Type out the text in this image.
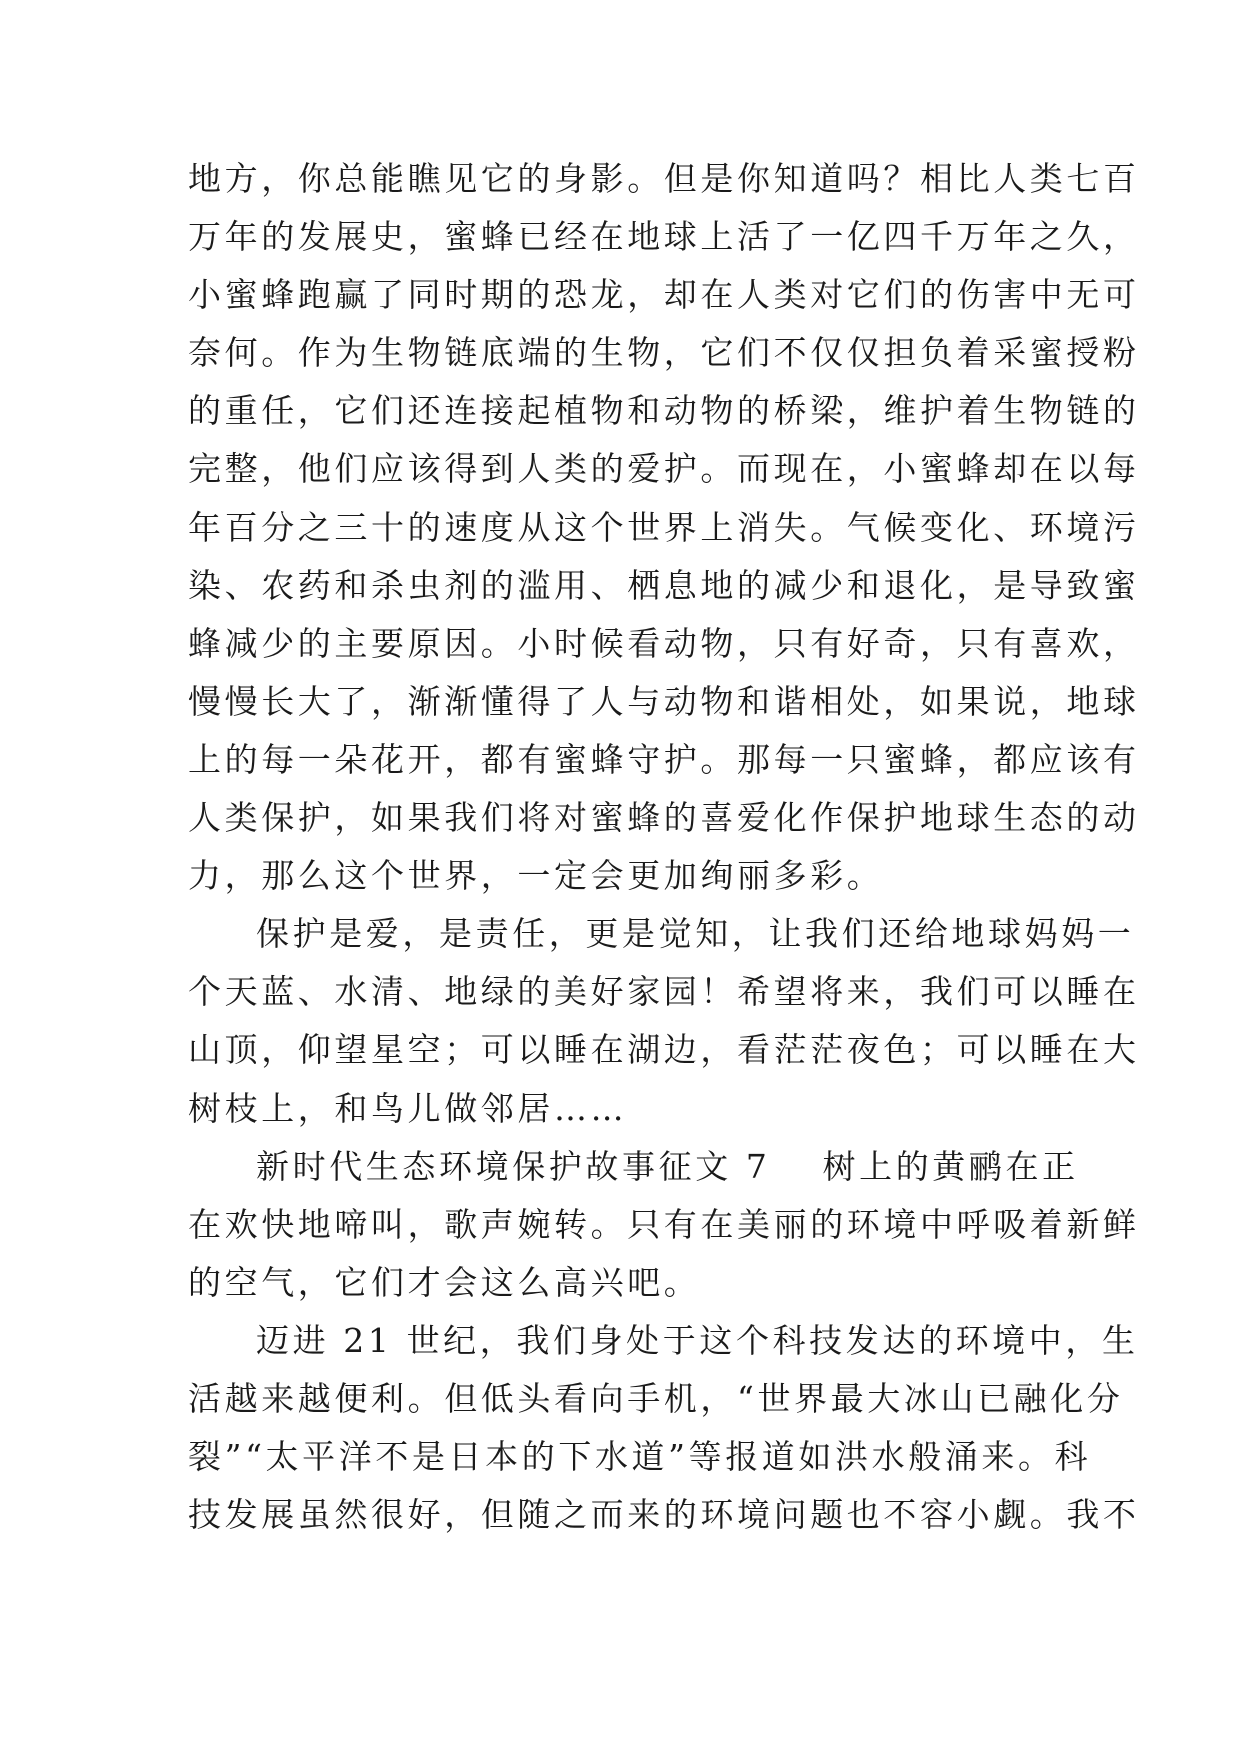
地方，你总能瞧见它的身影。但是你知道吗？相比人类七百
万年的发展史，蜜蜂已经在地球上活了一亿四千万年之久，
小蜜蜂跑赢了同时期的恐龙，却在人类对它们的伤害中无可
奈何。作为生物链底端的生物，它们不仅仅担负着采蜜授粉
的重任，它们还连接起植物和动物的桥梁，维护着生物链的
完整，他们应该得到人类的爱护。而现在，小蜜蜂却在以每
年百分之三十的速度从这个世界上消失。气候变化、环境污
染、农药和杀虫剂的滥用、栖息地的减少和退化，是导致蜜
蜂减少的主要原因。小时候看动物，只有好奇，只有喜欢，
慢慢长大了，渐渐懂得了人与动物和谐相处，如果说，地球
上的每一朵花开，都有蜜蜂守护。那每一只蜜蜂，都应该有
人类保护，如果我们将对蜜蜂的喜爱化作保护地球生态的动
力，那么这个世界，一定会更加绚丽多彩。
保护是爱，是责任，更是觉知，让我们还给地球妈妈一
个天蓝、水清、地绿的美好家园！希望将来，我们可以睡在
山顶，仰望星空；可以睡在湖边，看茫茫夜色；可以睡在大
树枝上，和鸟儿做邻居……
新时代生态环境保护故事征文 7 树上的黄鹂在正
在欢快地啼叫，歌声婉转。只有在美丽的环境中呼吸着新鲜
的空气，它们才会这么高兴吧。
迈进 21 世纪，我们身处于这个科技发达的环境中，生
活越来越便利。但低头看向手机，“世界最大冰山已融化分
裂”“太平洋不是日本的下水道”等报道如洪水般涌来。科
技发展虽然很好，但随之而来的环境问题也不容小觑。我不
